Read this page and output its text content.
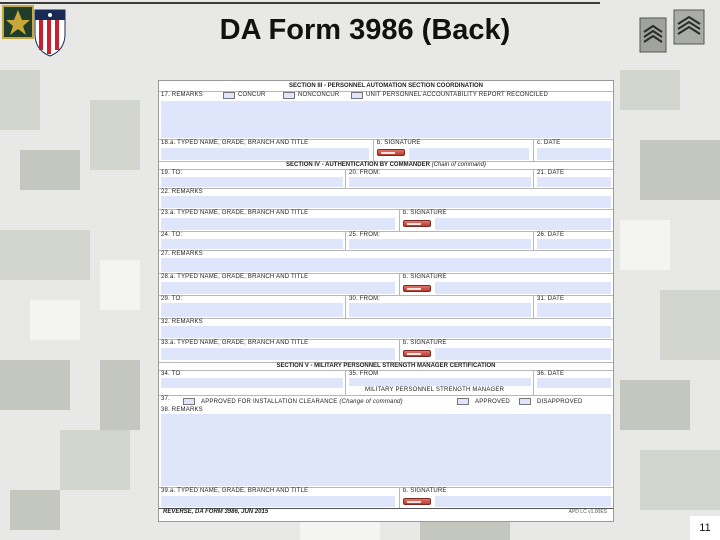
DA Form 3986 (Back)
SECTION III - PERSONNEL AUTOMATION SECTION COORDINATION
17. REMARKS	CONCUR	NONCONCUR	UNIT PERSONNEL ACCOUNTABILITY REPORT RECONCILED
18.a. TYPED NAME, GRADE, BRANCH AND TITLE	b. SIGNATURE	c. DATE
SECTION IV - AUTHENTICATION BY COMMANDER (Chain of command)
19. TO:	20. FROM:	21. DATE
22. REMARKS
23.a. TYPED NAME, GRADE, BRANCH AND TITLE	b. SIGNATURE
24. TO:	25. FROM:	26. DATE
27. REMARKS
28.a. TYPED NAME, GRADE, BRANCH AND TITLE	b. SIGNATURE
29. TO:	30. FROM:	31. DATE
32. REMARKS
33.a. TYPED NAME, GRADE, BRANCH AND TITLE	b. SIGNATURE
SECTION V - MILITARY PERSONNEL STRENGTH MANAGER CERTIFICATION
34. TO	35. FROM	36. DATE
MILITARY PERSONNEL STRENGTH MANAGER
37.	APPROVED FOR INSTALLATION CLEARANCE (Change of command)	APPROVED	DISAPPROVED
38. REMARKS
39.a. TYPED NAME, GRADE, BRANCH AND TITLE	b. SIGNATURE
REVERSE, DA FORM 3986, JUN 2015	APD LC v1.00ES
11
